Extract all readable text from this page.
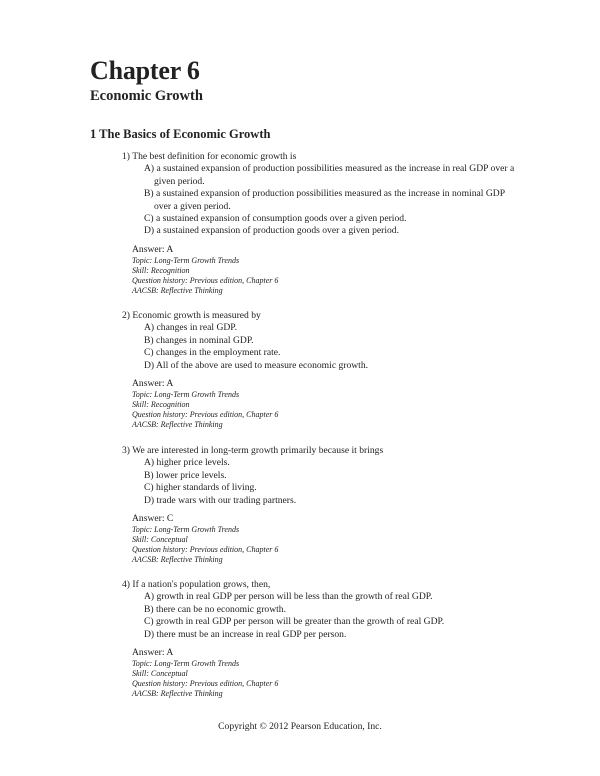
Chapter 6
Economic Growth
1 The Basics of Economic Growth
1) The best definition for economic growth is
A) a sustained expansion of production possibilities measured as the increase in real GDP over a given period.
B) a sustained expansion of production possibilities measured as the increase in nominal GDP over a given period.
C) a sustained expansion of consumption goods over a given period.
D) a sustained expansion of production goods over a given period.
Answer: A
Topic: Long-Term Growth Trends
Skill: Recognition
Question history: Previous edition, Chapter 6
AACSB: Reflective Thinking
2) Economic growth is measured by
A) changes in real GDP.
B) changes in nominal GDP.
C) changes in the employment rate.
D) All of the above are used to measure economic growth.
Answer: A
Topic: Long-Term Growth Trends
Skill: Recognition
Question history: Previous edition, Chapter 6
AACSB: Reflective Thinking
3) We are interested in long-term growth primarily because it brings
A) higher price levels.
B) lower price levels.
C) higher standards of living.
D) trade wars with our trading partners.
Answer: C
Topic: Long-Term Growth Trends
Skill: Conceptual
Question history: Previous edition, Chapter 6
AACSB: Reflective Thinking
4) If a nation's population grows, then,
A) growth in real GDP per person will be less than the growth of real GDP.
B) there can be no economic growth.
C) growth in real GDP per person will be greater than the growth of real GDP.
D) there must be an increase in real GDP per person.
Answer: A
Topic: Long-Term Growth Trends
Skill: Conceptual
Question history: Previous edition, Chapter 6
AACSB: Reflective Thinking
Copyright © 2012 Pearson Education, Inc.
